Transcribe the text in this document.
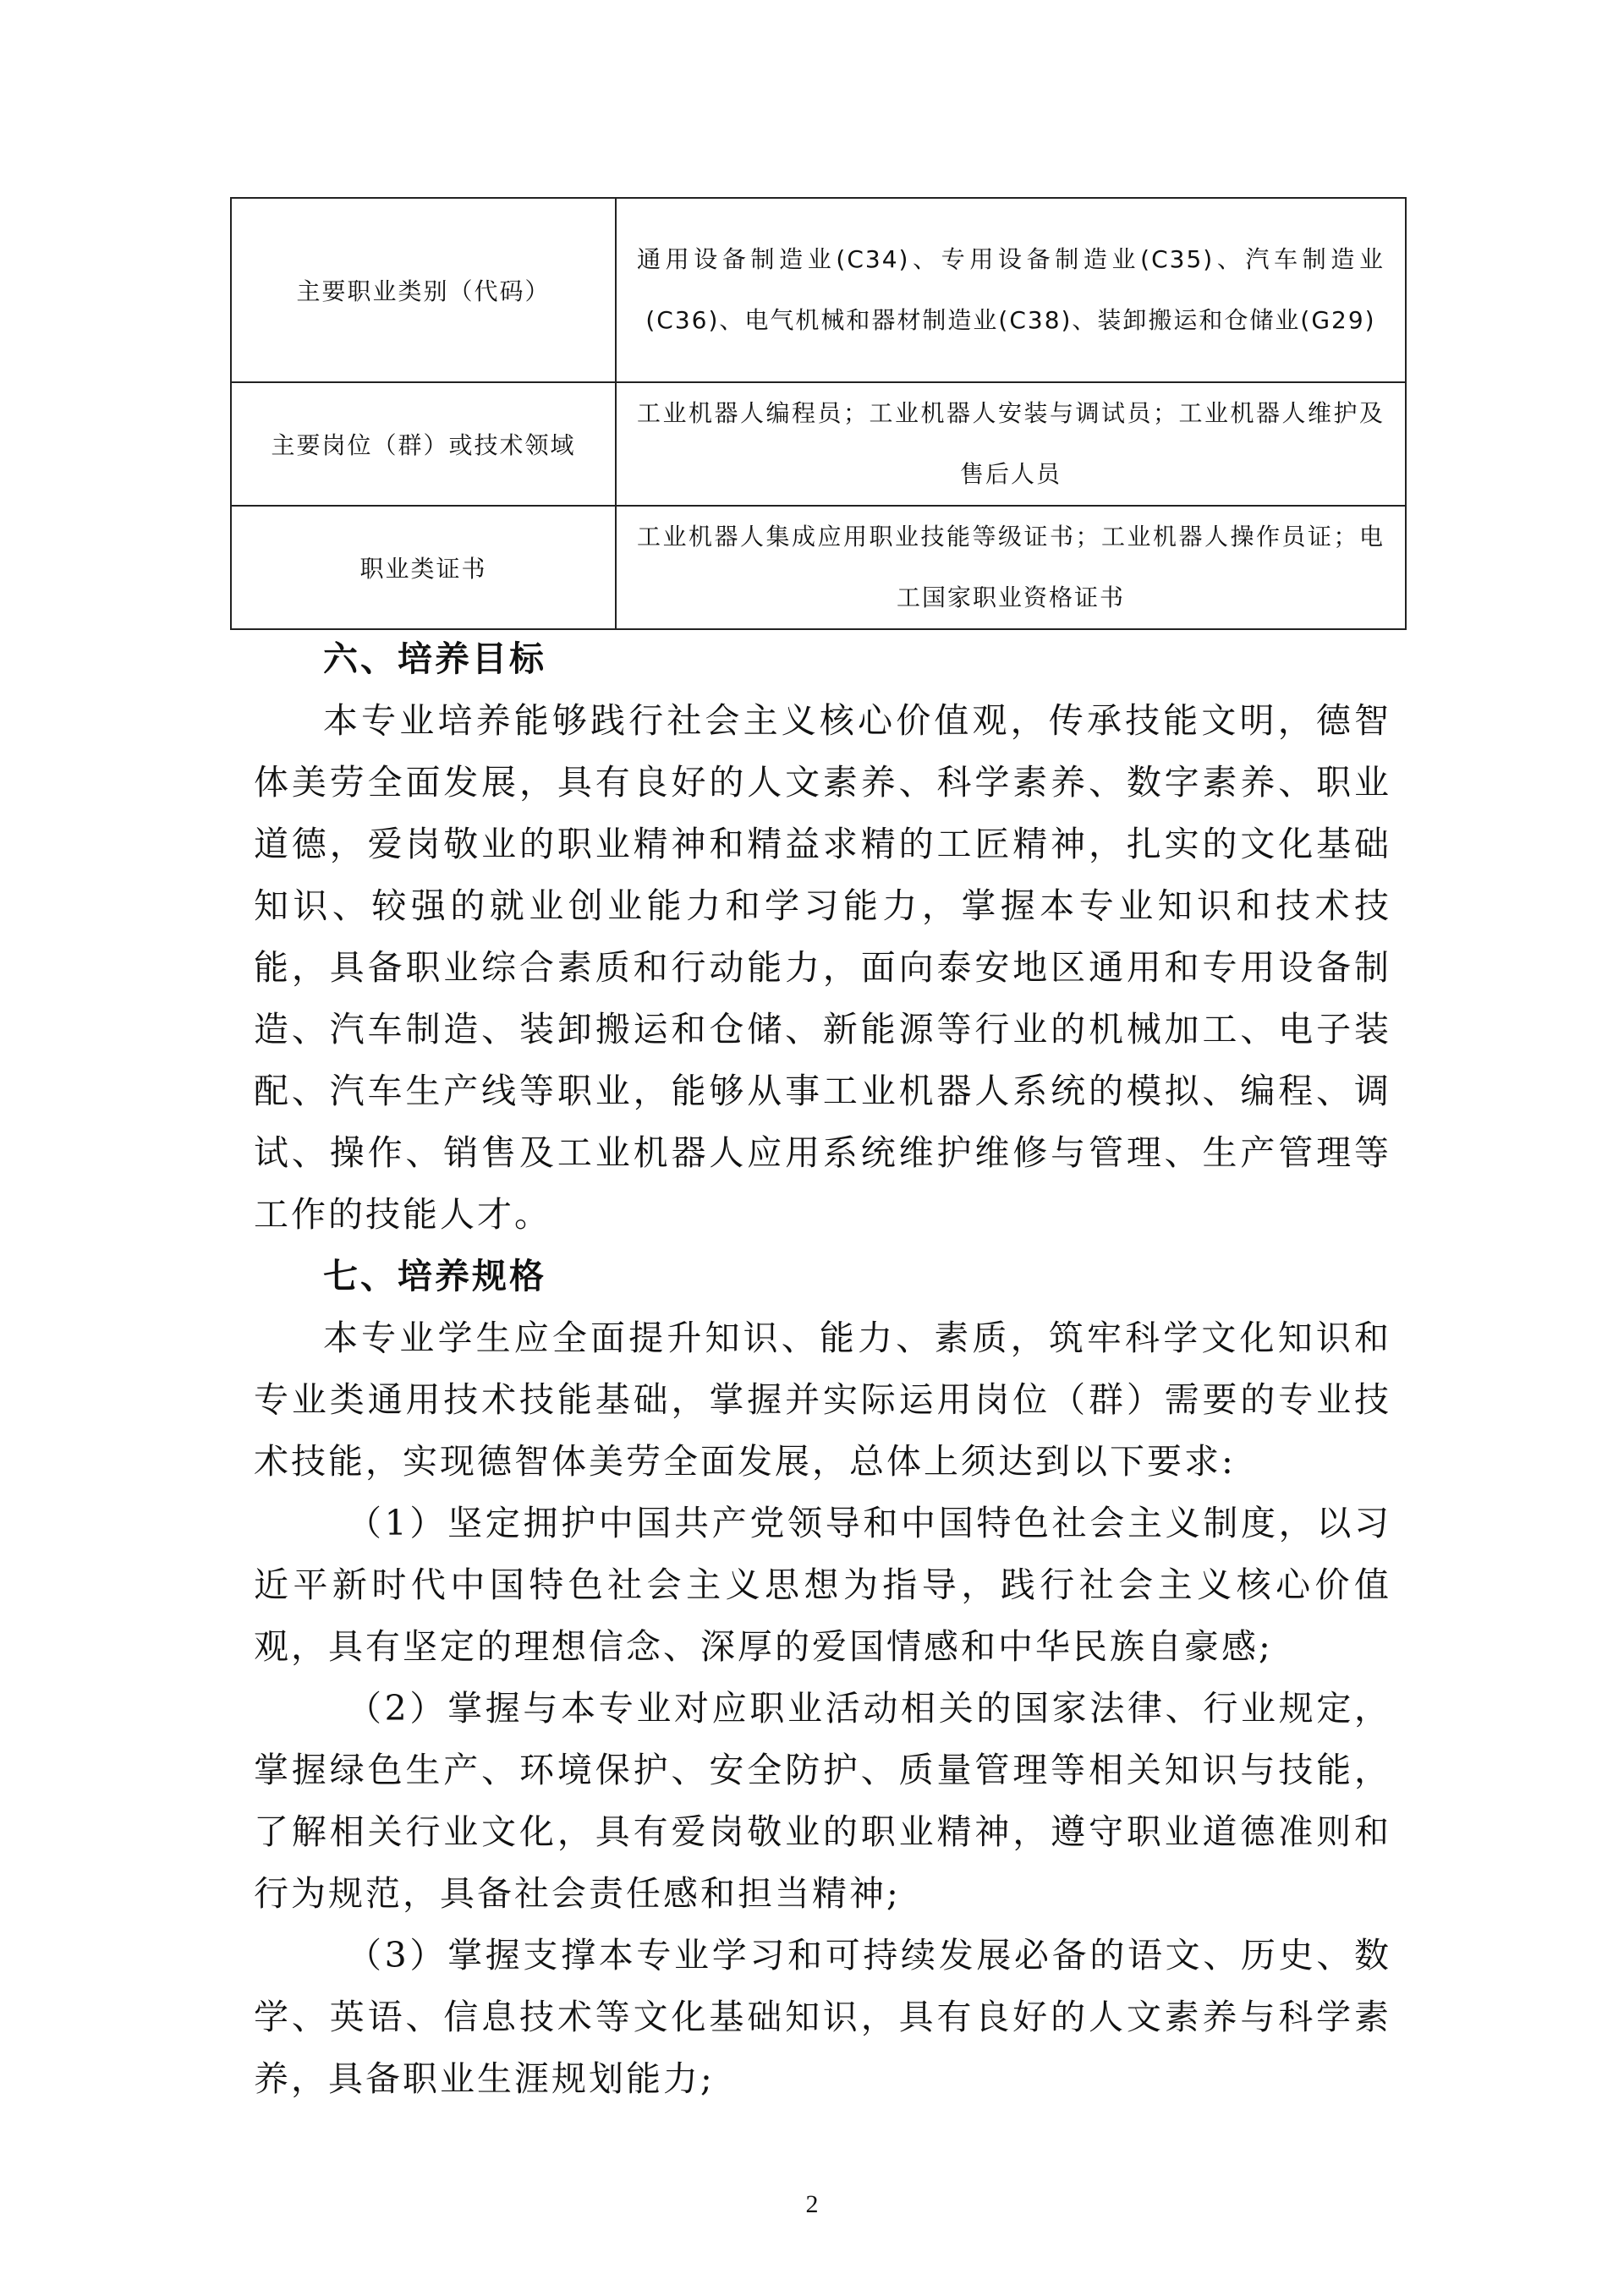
主要职业类别（代码）	通用设备制造业(C34)、专用设备制造业(C35)、汽车制造业(C36)、电气机械和器材制造业(C38)、装卸搬运和仓储业(G29)
主要岗位（群）或技术领域	工业机器人编程员；工业机器人安装与调试员；工业机器人维护及售后人员
职业类证书	工业机器人集成应用职业技能等级证书；工业机器人操作员证；电工国家职业资格证书
六、培养目标

本专业培养能够践行社会主义核心价值观，传承技能文明，德智体美劳全面发展，具有良好的人文素养、科学素养、数字素养、职业道德，爱岗敬业的职业精神和精益求精的工匠精神，扎实的文化基础知识、较强的就业创业能力和学习能力，掌握本专业知识和技术技能，具备职业综合素质和行动能力，面向泰安地区通用和专用设备制造、汽车制造、装卸搬运和仓储、新能源等行业的机械加工、电子装配、汽车生产线等职业，能够从事工业机器人系统的模拟、编程、调试、操作、销售及工业机器人应用系统维护维修与管理、生产管理等工作的技能人才。

七、培养规格

本专业学生应全面提升知识、能力、素质，筑牢科学文化知识和专业类通用技术技能基础，掌握并实际运用岗位（群）需要的专业技术技能，实现德智体美劳全面发展，总体上须达到以下要求:

（1）坚定拥护中国共产党领导和中国特色社会主义制度，以习近平新时代中国特色社会主义思想为指导，践行社会主义核心价值观，具有坚定的理想信念、深厚的爱国情感和中华民族自豪感;

（2）掌握与本专业对应职业活动相关的国家法律、行业规定，掌握绿色生产、环境保护、安全防护、质量管理等相关知识与技能，了解相关行业文化，具有爱岗敬业的职业精神，遵守职业道德准则和行为规范，具备社会责任感和担当精神;

（3）掌握支撑本专业学习和可持续发展必备的语文、历史、数学、英语、信息技术等文化基础知识，具有良好的人文素养与科学素养，具备职业生涯规划能力;

2
